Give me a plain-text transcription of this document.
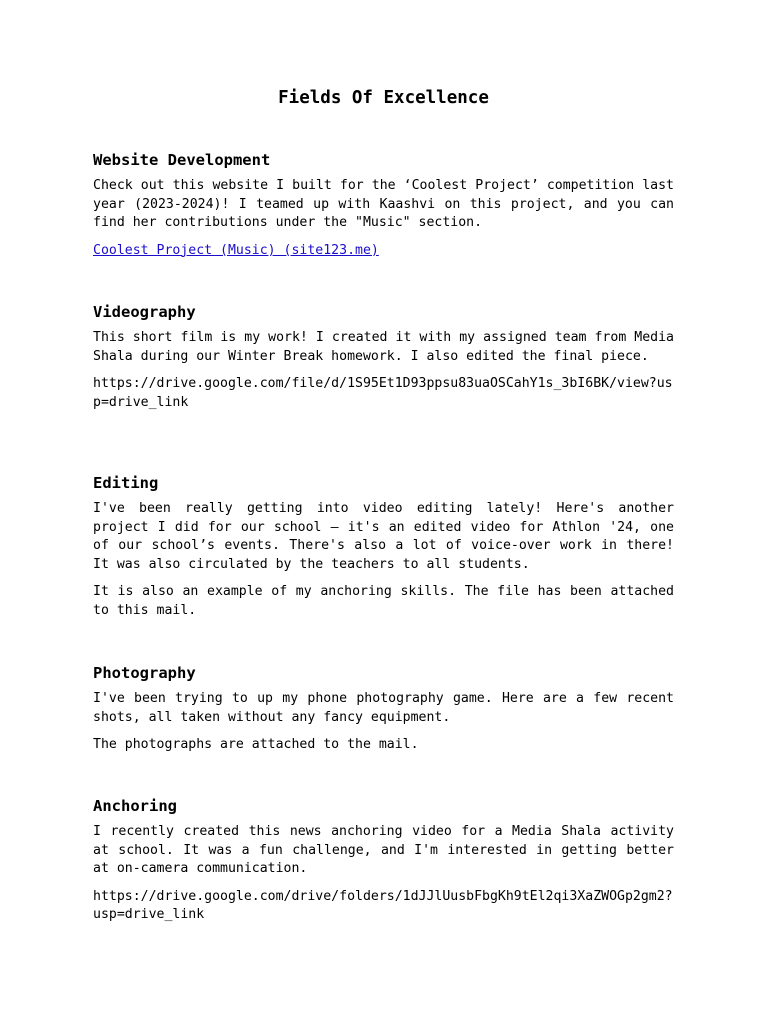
Fields Of Excellence
Website Development

Check out this website I built for the ‘Coolest Project’ competition last year (2023-2024)! I teamed up with Kaashvi on this project, and you can find her contributions under the "Music" section.

Coolest Project (Music) (site123.me)

Videography

This short film is my work! I created it with my assigned team from Media Shala during our Winter Break homework. I also edited the final piece.

https://drive.google.com/file/d/1S95Et1D93ppsu83uaOSCahY1s_3bI6BK/view?usp=drive_link

Editing

I've been really getting into video editing lately! Here's another project I did for our school – it's an edited video for Athlon '24, one of our school’s events. There's also a lot of voice-over work in there! It was also circulated by the teachers to all students.

It is also an example of my anchoring skills. The file has been attached to this mail.

Photography

I've been trying to up my phone photography game. Here are a few recent shots, all taken without any fancy equipment.

The photographs are attached to the mail.

Anchoring

I recently created this news anchoring video for a Media Shala activity at school. It was a fun challenge, and I'm interested in getting better at on-camera communication.

https://drive.google.com/drive/folders/1dJJlUusbFbgKh9tEl2qi3XaZWOGp2gm2?usp=drive_link
